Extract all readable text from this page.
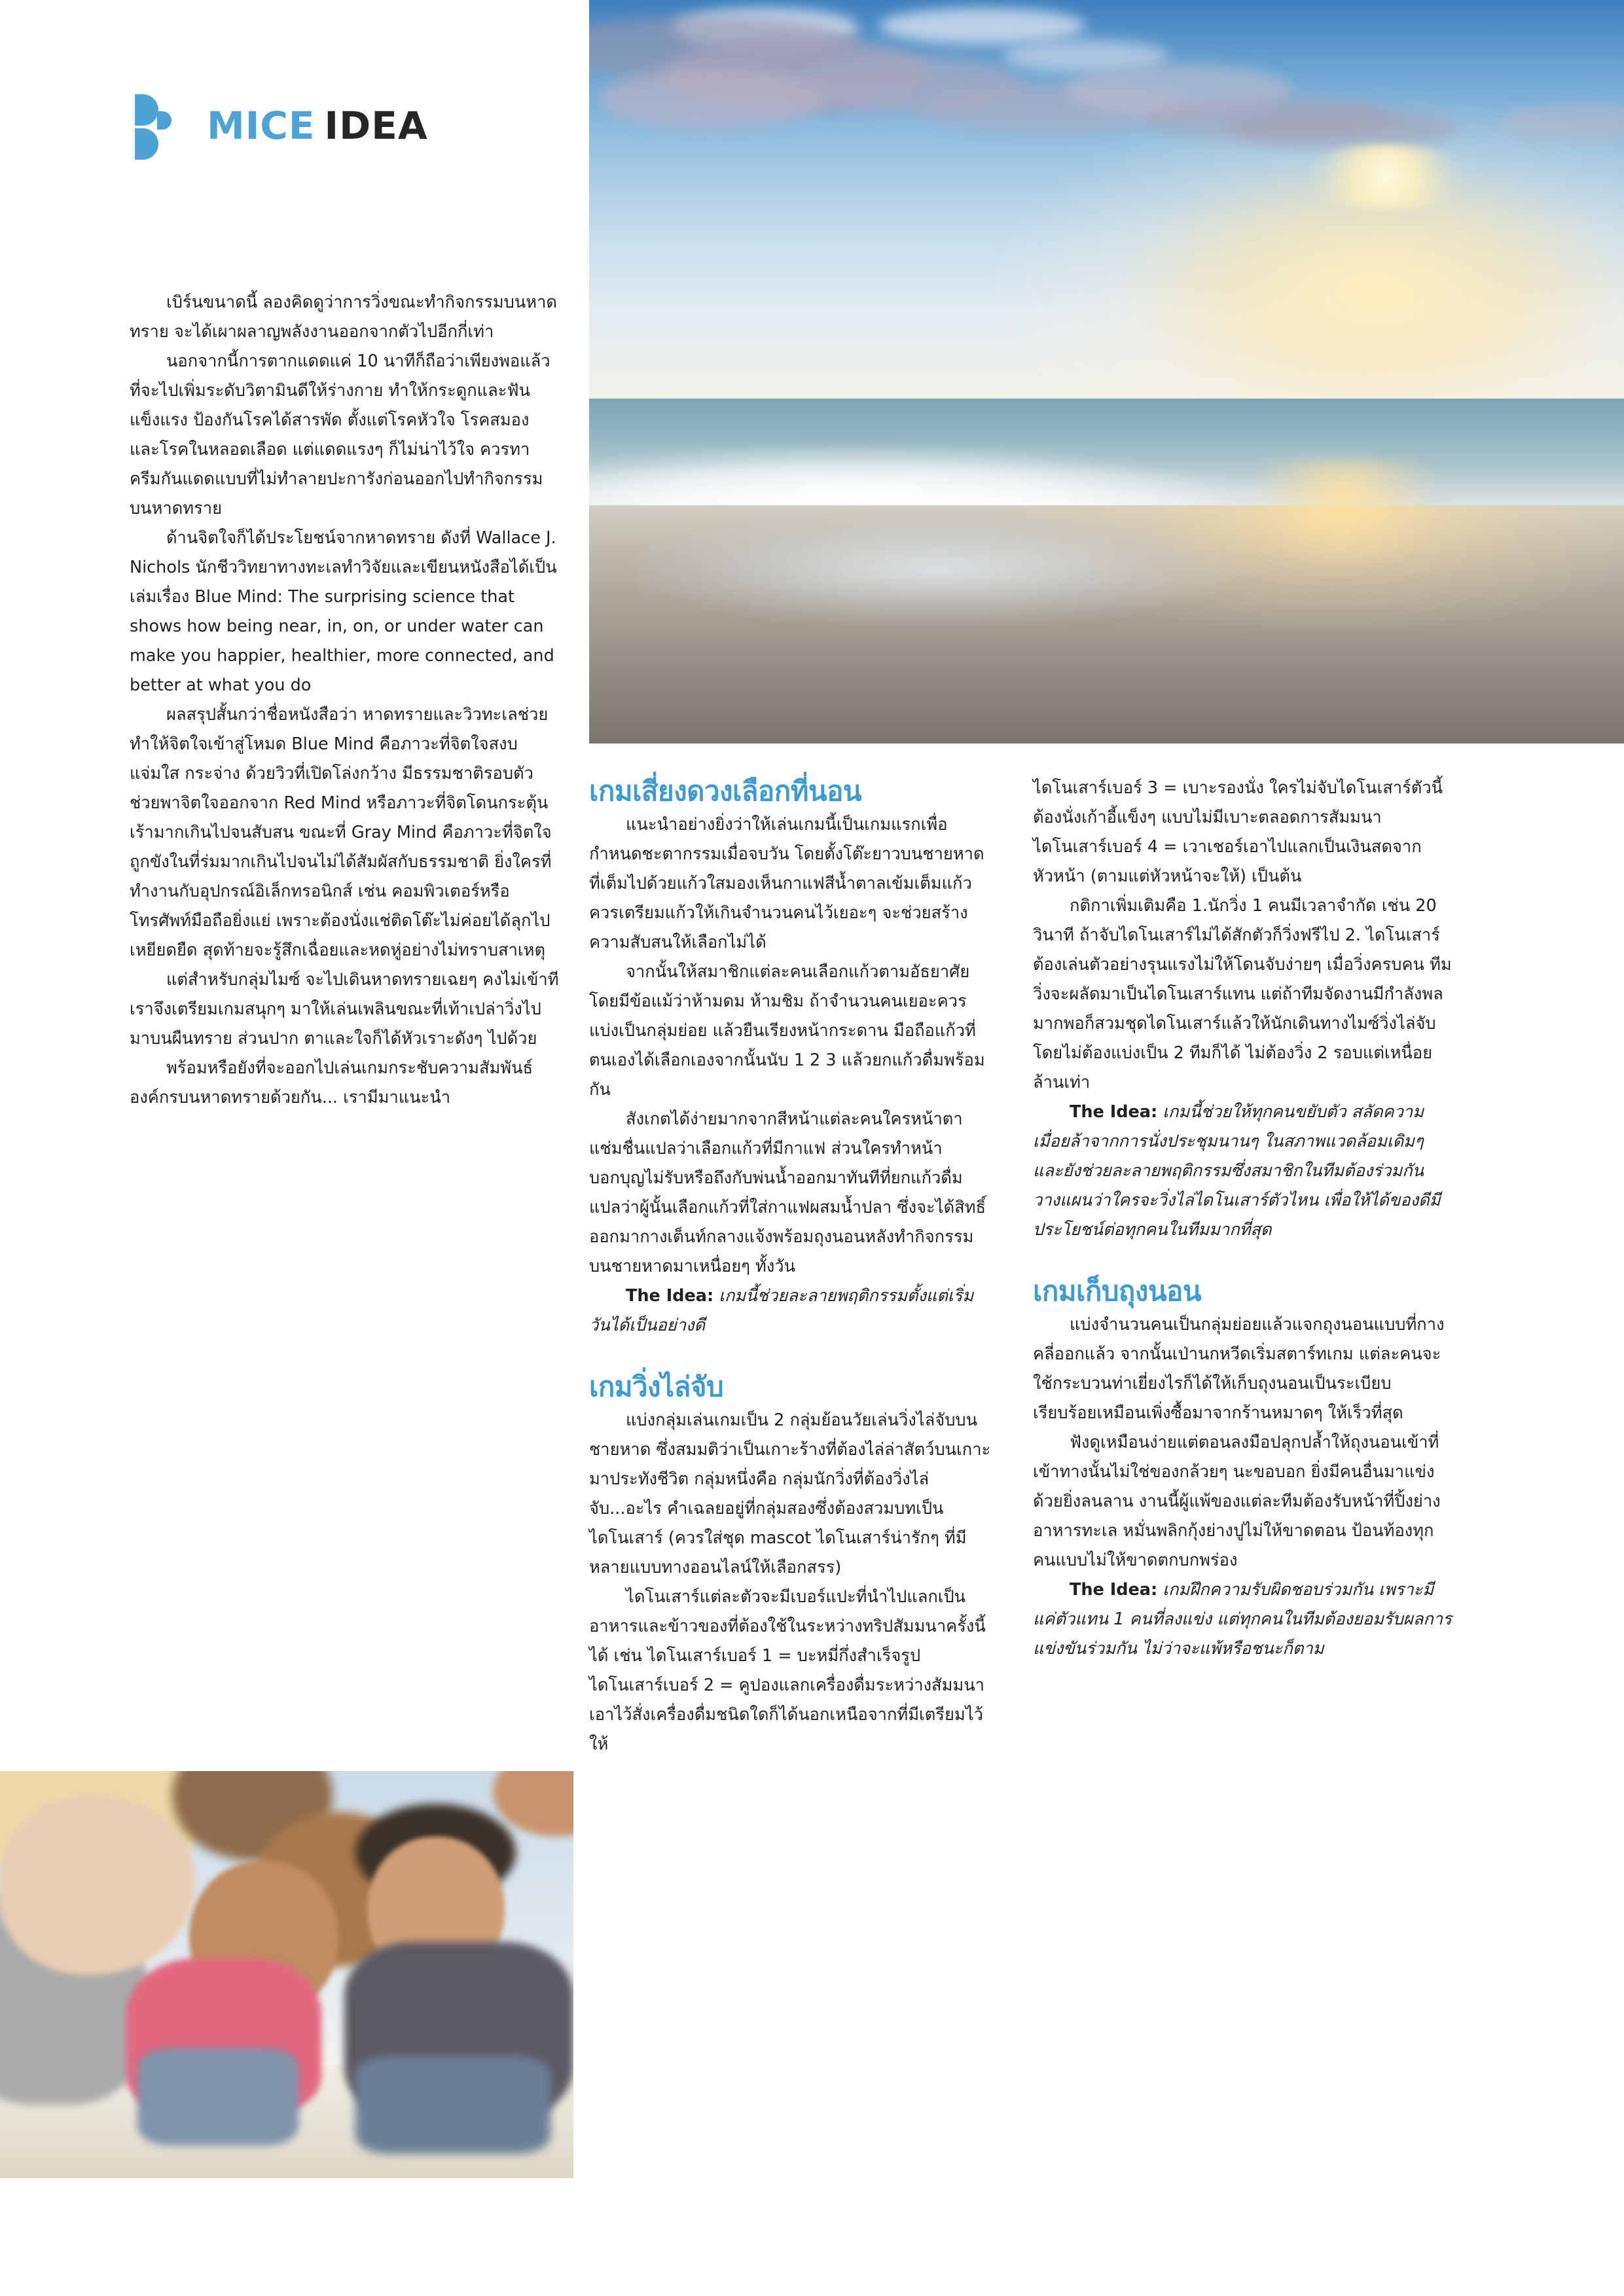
MICE IDEA

เบิร์นขนาดนี้ ลองคิดดูว่าการวิ่งขณะทำกิจกรรมบนหาดทราย จะได้เผาผลาญพลังงานออกจากตัวไปอีกกี่เท่า

นอกจากนี้การตากแดดแค่ 10 นาทีก็ถือว่าเพียงพอแล้วที่จะไปเพิ่มระดับวิตามินดีให้ร่างกาย ทำให้กระดูกและฟันแข็งแรง ป้องกันโรคได้สารพัด ตั้งแต่โรคหัวใจ โรคสมองและโรคในหลอดเลือด แต่แดดแรงๆ ก็ไม่น่าไว้ใจ ควรทาครีมกันแดดแบบที่ไม่ทำลายปะการังก่อนออกไปทำกิจกรรมบนหาดทราย

ด้านจิตใจก็ได้ประโยชน์จากหาดทราย ดังที่ Wallace J. Nichols นักชีววิทยาทางทะเลทำวิจัยและเขียนหนังสือได้เป็นเล่มเรื่อง Blue Mind: The surprising science that shows how being near, in, on, or under water can make you happier, healthier, more connected, and better at what you do

ผลสรุปสั้นกว่าชื่อหนังสือว่า หาดทรายและวิวทะเลช่วยทำให้จิตใจเข้าสู่โหมด Blue Mind คือภาวะที่จิตใจสงบ แจ่มใส กระจ่าง ด้วยวิวที่เปิดโล่งกว้าง มีธรรมชาติรอบตัว ช่วยพาจิตใจออกจาก Red Mind หรือภาวะที่จิตโดนกระตุ้นเร้ามากเกินไปจนสับสน ขณะที่ Gray Mind คือภาวะที่จิตใจถูกขังในที่ร่มมากเกินไปจนไม่ได้สัมผัสกับธรรมชาติ ยิ่งใครที่ทำงานกับอุปกรณ์อิเล็กทรอนิกส์ เช่น คอมพิวเตอร์หรือโทรศัพท์มือถือยิ่งแย่ เพราะต้องนั่งแช่ติดโต๊ะไม่ค่อยได้ลุกไปเหยียดยืด สุดท้ายจะรู้สึกเฉื่อยและหดหู่อย่างไม่ทราบสาเหตุ

แต่สำหรับกลุ่มไมซ์ จะไปเดินหาดทรายเฉยๆ คงไม่เข้าที เราจึงเตรียมเกมสนุกๆ มาให้เล่นเพลินขณะที่เท้าเปล่าวิ่งไปมาบนผืนทราย ส่วนปาก ตาและใจก็ได้หัวเราะดังๆ ไปด้วย

พร้อมหรือยังที่จะออกไปเล่นเกมกระชับความสัมพันธ์องค์กรบนหาดทรายด้วยกัน... เรามีมาแนะนำ

เกมเสี่ยงดวงเลือกที่นอน

แนะนำอย่างยิ่งว่าให้เล่นเกมนี้เป็นเกมแรกเพื่อกำหนดชะตากรรมเมื่อจบวัน โดยตั้งโต๊ะยาวบนชายหาดที่เต็มไปด้วยแก้วใสมองเห็นกาแฟสีน้ำตาลเข้มเต็มแก้ว ควรเตรียมแก้วให้เกินจำนวนคนไว้เยอะๆ จะช่วยสร้างความสับสนให้เลือกไม่ได้

จากนั้นให้สมาชิกแต่ละคนเลือกแก้วตามอัธยาศัย โดยมีข้อแม้ว่าห้ามดม ห้ามชิม ถ้าจำนวนคนเยอะควรแบ่งเป็นกลุ่มย่อย แล้วยืนเรียงหน้ากระดาน มือถือแก้วที่ตนเองได้เลือกเองจากนั้นนับ 1 2 3 แล้วยกแก้วดื่มพร้อมกัน

สังเกตได้ง่ายมากจากสีหน้าแต่ละคนใครหน้าตาแช่มชื่นแปลว่าเลือกแก้วที่มีกาแฟ ส่วนใครทำหน้าบอกบุญไม่รับหรือถึงกับพ่นน้ำออกมาทันทีที่ยกแก้วดื่ม แปลว่าผู้นั้นเลือกแก้วที่ใส่กาแฟผสมน้ำปลา ซึ่งจะได้สิทธิ์ออกมากางเต็นท์กลางแจ้งพร้อมถุงนอนหลังทำกิจกรรมบนชายหาดมาเหนื่อยๆ ทั้งวัน

The Idea: เกมนี้ช่วยละลายพฤติกรรมตั้งแต่เริ่มวันได้เป็นอย่างดี

เกมวิ่งไล่จับ

แบ่งกลุ่มเล่นเกมเป็น 2 กลุ่มย้อนวัยเล่นวิ่งไล่จับบนชายหาด ซึ่งสมมติว่าเป็นเกาะร้างที่ต้องไล่ล่าสัตว์บนเกาะมาประทังชีวิต กลุ่มหนึ่งคือ กลุ่มนักวิ่งที่ต้องวิ่งไล่จับ...อะไร คำเฉลยอยู่ที่กลุ่มสองซึ่งต้องสวมบทเป็นไดโนเสาร์ (ควรใส่ชุด mascot ไดโนเสาร์น่ารักๆ ที่มีหลายแบบทางออนไลน์ให้เลือกสรร)

ไดโนเสาร์แต่ละตัวจะมีเบอร์แปะที่นำไปแลกเป็นอาหารและข้าวของที่ต้องใช้ในระหว่างทริปสัมมนาครั้งนี้ได้ เช่น ไดโนเสาร์เบอร์ 1 = บะหมี่กึ่งสำเร็จรูป ไดโนเสาร์เบอร์ 2 = คูปองแลกเครื่องดื่มระหว่างสัมมนา เอาไว้สั่งเครื่องดื่มชนิดใดก็ได้นอกเหนือจากที่มีเตรียมไว้ให้

ไดโนเสาร์เบอร์ 3 = เบาะรองนั่ง ใครไม่จับไดโนเสาร์ตัวนี้ต้องนั่งเก้าอี้แข็งๆ แบบไม่มีเบาะตลอดการสัมมนา ไดโนเสาร์เบอร์ 4 = เวาเชอร์เอาไปแลกเป็นเงินสดจากหัวหน้า (ตามแต่หัวหน้าจะให้) เป็นต้น

กติกาเพิ่มเติมคือ 1.นักวิ่ง 1 คนมีเวลาจำกัด เช่น 20 วินาที ถ้าจับไดโนเสาร์ไม่ได้สักตัวก็วิ่งฟรีไป 2. ไดโนเสาร์ต้องเล่นตัวอย่างรุนแรงไม่ให้โดนจับง่ายๆ เมื่อวิ่งครบคน ทีมวิ่งจะผลัดมาเป็นไดโนเสาร์แทน แต่ถ้าทีมจัดงานมีกำลังพลมากพอก็สวมชุดไดโนเสาร์แล้วให้นักเดินทางไมซ์วิ่งไล่จับโดยไม่ต้องแบ่งเป็น 2 ทีมก็ได้ ไม่ต้องวิ่ง 2 รอบแต่เหนื่อยล้านเท่า

The Idea: เกมนี้ช่วยให้ทุกคนขยับตัว สลัดความเมื่อยล้าจากการนั่งประชุมนานๆ ในสภาพแวดล้อมเดิมๆ และยังช่วยละลายพฤติกรรมซึ่งสมาชิกในทีมต้องร่วมกันวางแผนว่าใครจะวิ่งไล่ไดโนเสาร์ตัวไหน เพื่อให้ได้ของดีมีประโยชน์ต่อทุกคนในทีมมากที่สุด

เกมเก็บถุงนอน

แบ่งจำนวนคนเป็นกลุ่มย่อยแล้วแจกถุงนอนแบบที่กางคลี่ออกแล้ว จากนั้นเป่านกหวีดเริ่มสตาร์ทเกม แต่ละคนจะใช้กระบวนท่าเยี่ยงไรก็ได้ให้เก็บถุงนอนเป็นระเบียบเรียบร้อยเหมือนเพิ่งซื้อมาจากร้านหมาดๆ ให้เร็วที่สุด

ฟังดูเหมือนง่ายแต่ตอนลงมือปลุกปล้ำให้ถุงนอนเข้าที่เข้าทางนั้นไม่ใช่ของกล้วยๆ นะขอบอก ยิ่งมีคนอื่นมาแข่งด้วยยิ่งลนลาน งานนี้ผู้แพ้ของแต่ละทีมต้องรับหน้าที่ปิ้งย่างอาหารทะเล หมั่นพลิกกุ้งย่างปูไม่ให้ขาดตอน ป้อนท้องทุกคนแบบไม่ให้ขาดตกบกพร่อง

The Idea: เกมฝึกความรับผิดชอบร่วมกัน เพราะมีแค่ตัวแทน 1 คนที่ลงแข่ง แต่ทุกคนในทีมต้องยอมรับผลการแข่งขันร่วมกัน ไม่ว่าจะแพ้หรือชนะก็ตาม
